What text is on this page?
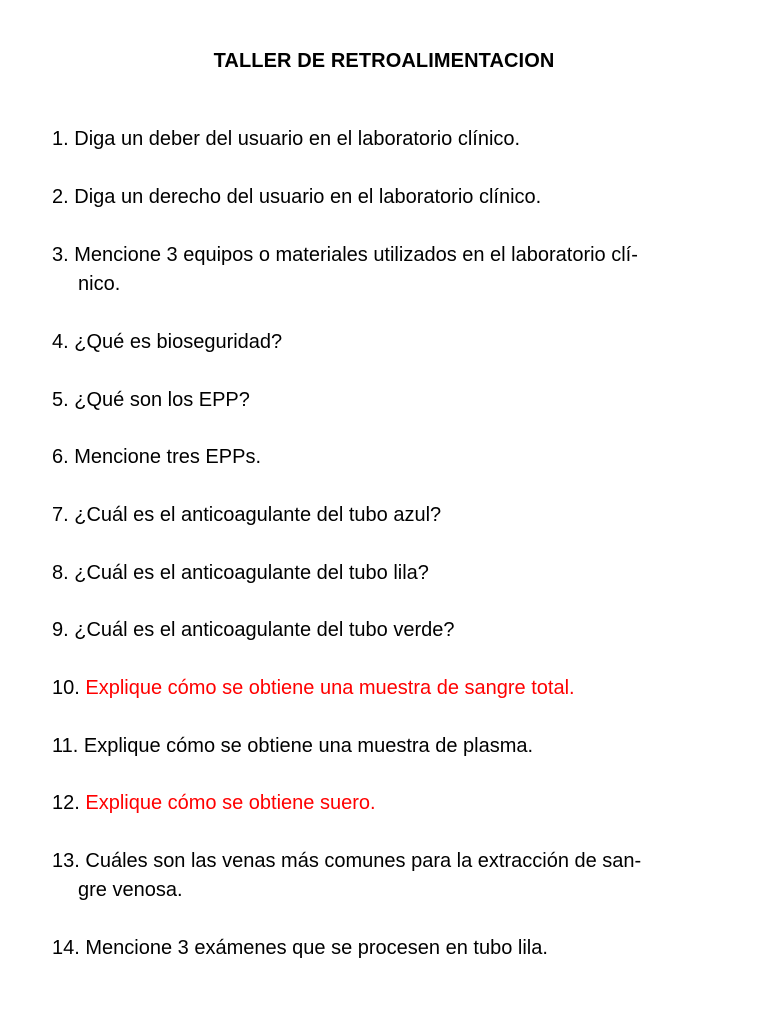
TALLER DE RETROALIMENTACION
1. Diga un deber del usuario en el laboratorio clínico.
2. Diga un derecho del usuario en el laboratorio clínico.
3. Mencione 3 equipos o materiales utilizados en el laboratorio clí-
nico.
4. ¿Qué es bioseguridad?
5. ¿Qué son los EPP?
6. Mencione tres EPPs.
7. ¿Cuál es el anticoagulante del tubo azul?
8. ¿Cuál es el anticoagulante del tubo lila?
9. ¿Cuál es el anticoagulante del tubo verde?
10. Explique cómo se obtiene una muestra de sangre total.
11. Explique cómo se obtiene una muestra de plasma.
12. Explique cómo se obtiene suero.
13. Cuáles son las venas más comunes para la extracción de san-
gre venosa.
14. Mencione 3 exámenes que se procesen en tubo lila.
